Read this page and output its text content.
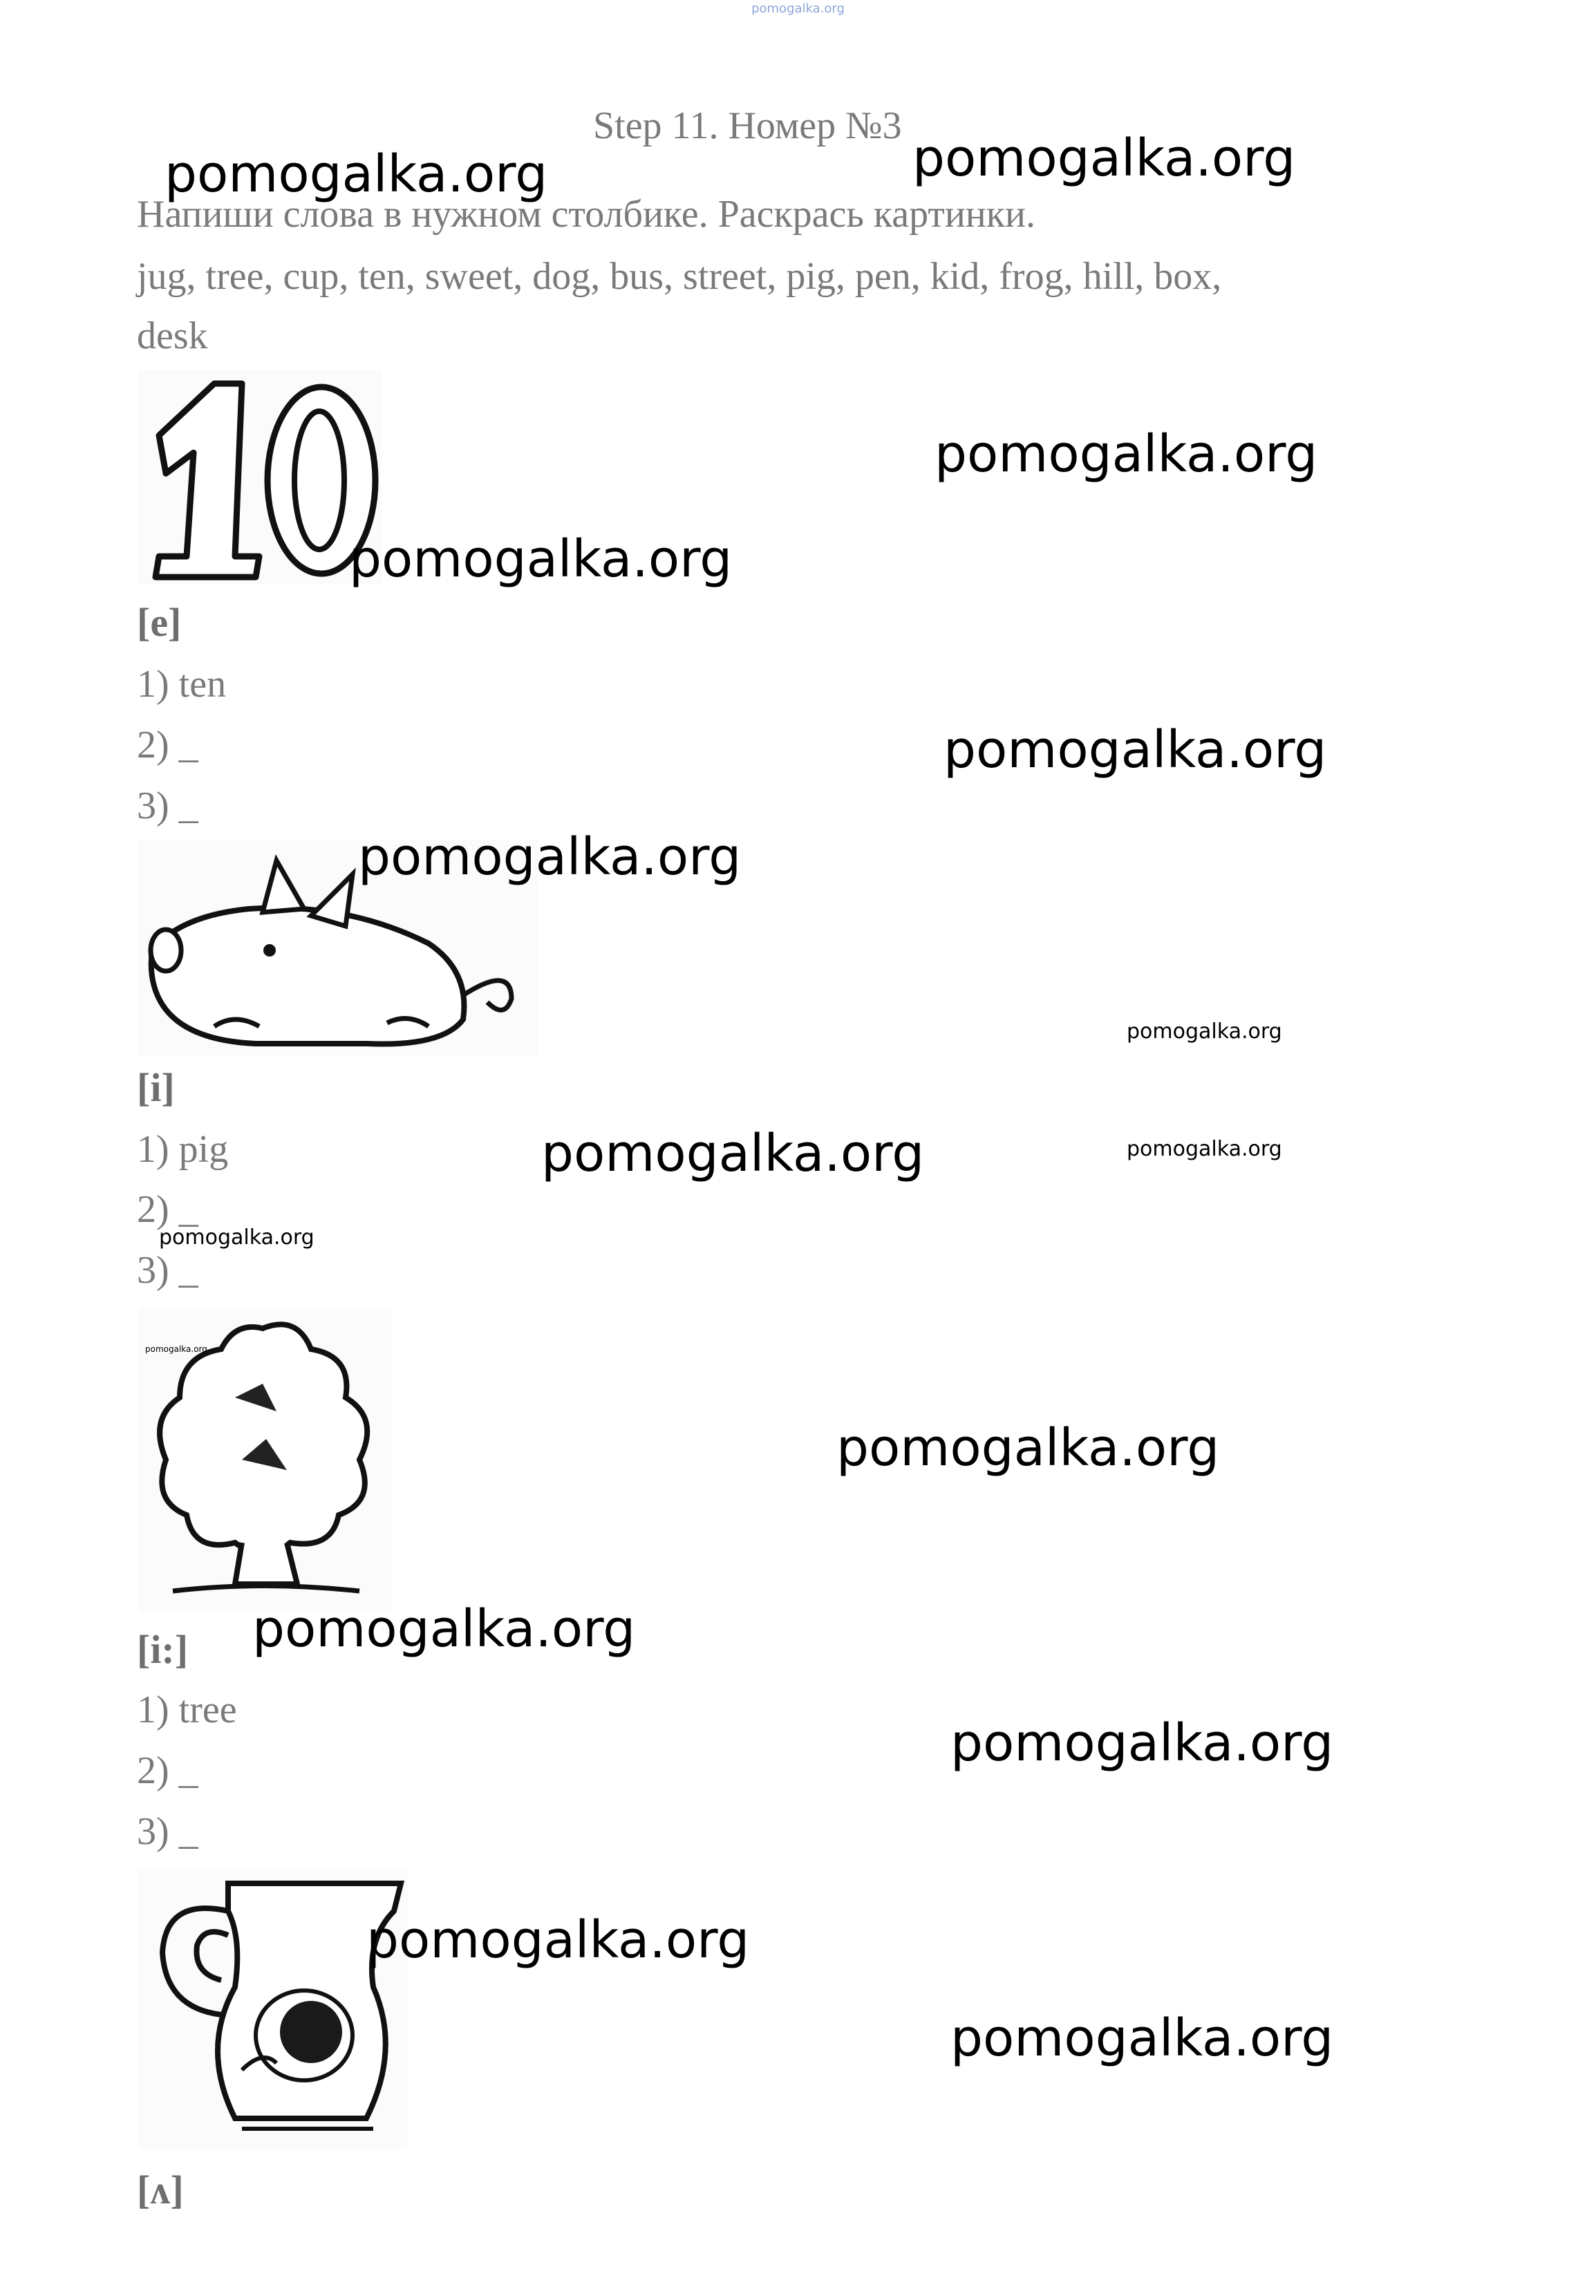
pomogalka.org
Step 11. Номер №3
Напиши слова в нужном столбике. Раскрась картинки.
jug, tree, cup, ten, sweet, dog, bus, street, pig, pen, kid, frog, hill, box,
desk
[e]
1) ten
2) _
3) _
[i]
1) pig
2) _
3) _
[i:]
1) tree
2) _
3) _
[ʌ]
pomogalka.org	pomogalka.org
pomogalka.org
pomogalka.org
pomogalka.org
pomogalka.org
pomogalka.org
pomogalka.org	pomogalka.org
pomogalka.org
pomogalka.org
pomogalka.org
pomogalka.org
pomogalka.org
pomogalka.org
pomogalka.org
